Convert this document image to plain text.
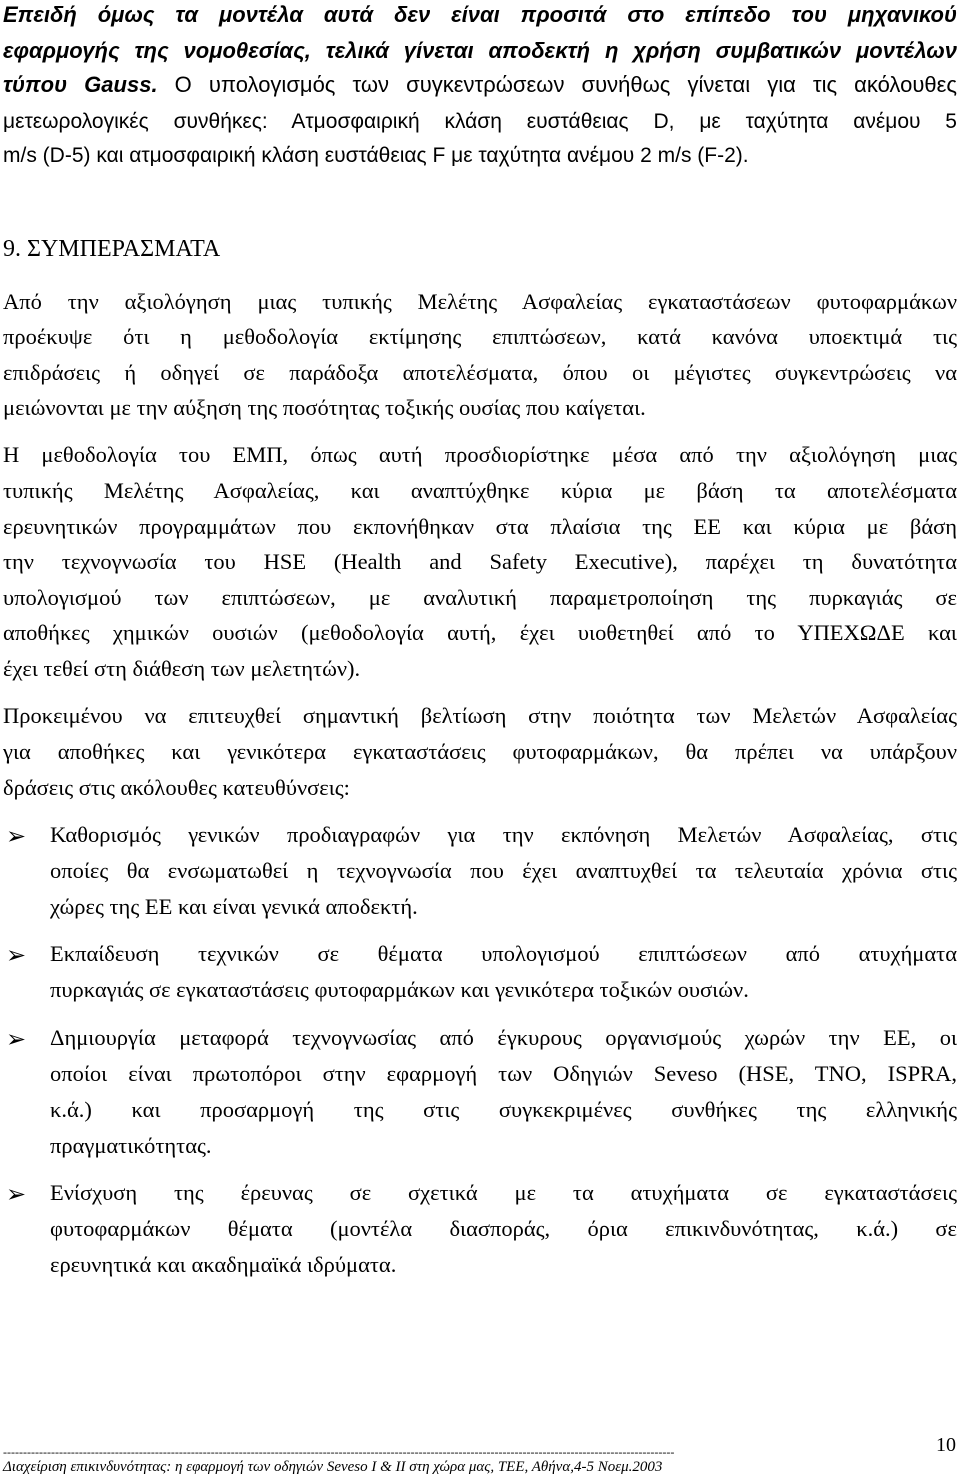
Επειδή όμως τα μοντέλα αυτά δεν είναι προσιτά στο επίπεδο του μηχανικού
εφαρμογής της νομοθεσίας, τελικά γίνεται αποδεκτή η χρήση συμβατικών μοντέλων
τύπου Gauss. Ο υπολογισμός των συγκεντρώσεων συνήθως γίνεται για τις ακόλουθες
μετεωρολογικές συνθήκες: Ατμοσφαιρική κλάση ευστάθειας D, με ταχύτητα ανέμου 5
m/s (D-5) και ατμοσφαιρική κλάση ευστάθειας F με ταχύτητα ανέμου 2 m/s (F-2).
9. ΣΥΜΠΕΡΑΣΜΑΤΑ
Από την αξιολόγηση μιας τυπικής Μελέτης Ασφαλείας εγκαταστάσεων φυτοφαρμάκων
προέκυψε ότι η μεθοδολογία εκτίμησης επιπτώσεων, κατά κανόνα υποεκτιμά τις
επιδράσεις ή οδηγεί σε παράδοξα αποτελέσματα, όπου οι μέγιστες συγκεντρώσεις να
μειώνονται με την αύξηση της ποσότητας τοξικής ουσίας που καίγεται.
Η μεθοδολογία του ΕΜΠ, όπως αυτή προσδιορίστηκε μέσα από την αξιολόγηση μιας
τυπικής Μελέτης Ασφαλείας, και αναπτύχθηκε κύρια με βάση τα αποτελέσματα
ερευνητικών προγραμμάτων που εκπονήθηκαν στα πλαίσια της ΕΕ και κύρια με βάση
την τεχνογνωσία του HSE (Health and Safety Executive), παρέχει τη δυνατότητα
υπολογισμού των επιπτώσεων, με αναλυτική παραμετροποίηση της πυρκαγιάς σε
αποθήκες χημικών ουσιών (μεθοδολογία αυτή, έχει υιοθετηθεί από το ΥΠΕΧΩΔΕ και
έχει τεθεί στη διάθεση των μελετητών).
Προκειμένου να επιτευχθεί σημαντική βελτίωση στην ποιότητα των Μελετών Ασφαλείας
για αποθήκες και γενικότερα εγκαταστάσεις φυτοφαρμάκων, θα πρέπει να υπάρξουν
δράσεις στις ακόλουθες κατευθύνσεις:
➢ Καθορισμός γενικών προδιαγραφών για την εκπόνηση Μελετών Ασφαλείας, στις
οποίες θα ενσωματωθεί η τεχνογνωσία που έχει αναπτυχθεί τα τελευταία χρόνια στις
χώρες της ΕΕ και είναι γενικά αποδεκτή.
➢ Εκπαίδευση τεχνικών σε θέματα υπολογισμού επιπτώσεων από ατυχήματα
πυρκαγιάς σε εγκαταστάσεις φυτοφαρμάκων και γενικότερα τοξικών ουσιών.
➢ Δημιουργία μεταφορά τεχνογνωσίας από έγκυρους οργανισμούς χωρών την ΕΕ, οι
οποίοι είναι πρωτοπόροι στην εφαρμογή των Οδηγιών Seveso (HSE, TNO, ISPRA,
κ.ά.) και προσαρμογή της στις συγκεκριμένες συνθήκες της ελληνικής
πραγματικότητας.
➢ Ενίσχυση της έρευνας σε σχετικά με τα ατυχήματα σε εγκαταστάσεις
φυτοφαρμάκων θέματα (μοντέλα διασποράς, όρια επικινδυνότητας, κ.ά.) σε
ερευνητικά και ακαδημαϊκά ιδρύματα.
------------------------------------------------------------------------------------------------------------------------------------------------------------------------	10
Διαχείριση επικινδυνότητας: η εφαρμογή των οδηγιών Seveso I & II στη χώρα μας, ΤΕΕ, Αθήνα,4-5 Νοεμ.2003
